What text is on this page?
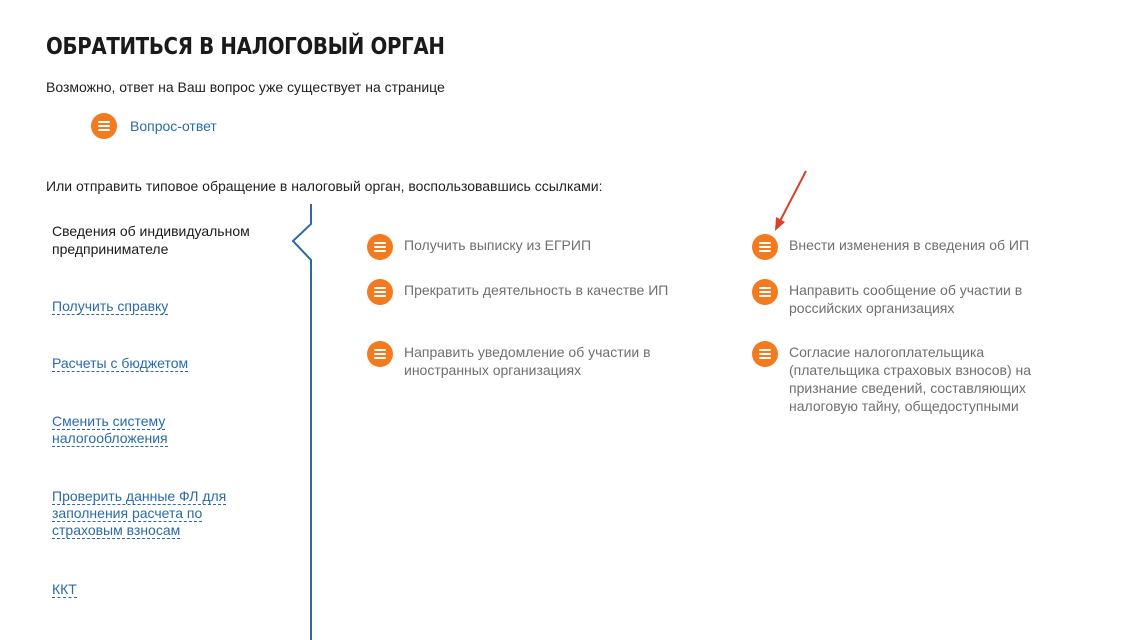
ОБРАТИТЬСЯ В НАЛОГОВЫЙ ОРГАН
Возможно, ответ на Ваш вопрос уже существует на странице
Вопрос-ответ
Или отправить типовое обращение в налоговый орган, воспользовавшись ссылками:
Сведения об индивидуальном предпринимателе
Получить справку
Расчеты с бюджетом
Сменить систему налогообложения
Проверить данные ФЛ для заполнения расчета по страховым взносам
ККТ
Получить выписку из ЕГРИП
Прекратить деятельность в качестве ИП
Направить уведомление об участии в иностранных организациях
Внести изменения в сведения об ИП
Направить сообщение об участии в российских организациях
Согласие налогоплательщика (плательщика страховых взносов) на признание сведений, составляющих налоговую тайну, общедоступными
